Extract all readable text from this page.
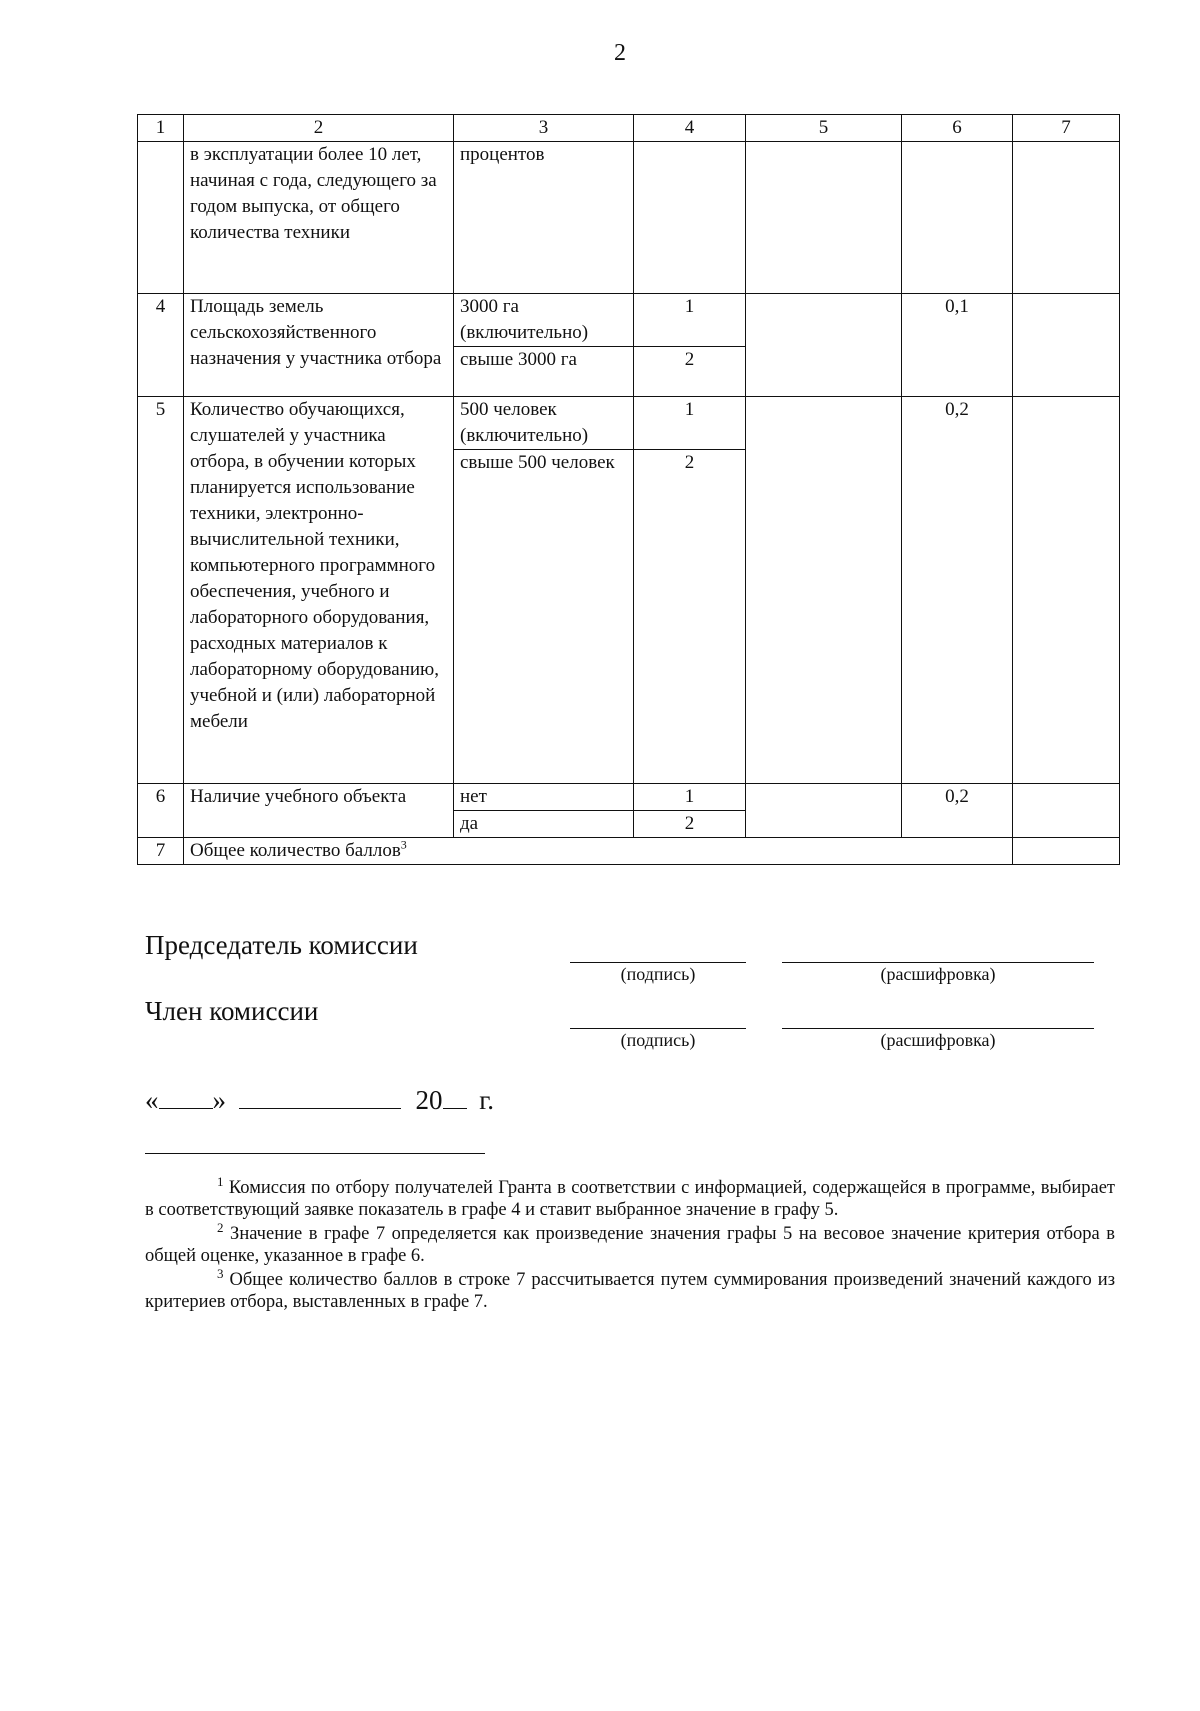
2
1	2	3	4	5	6	7
	в эксплуатации более 10 лет, начиная с года, следующего за годом выпуска, от общего количества техники	процентов				
4	Площадь земель сельскохозяйственного назначения у участника отбора	3000 га (включительно)	1		0,1	
		свыше 3000 га	2			
5	Количество обучающихся, слушателей у участника отбора, в обучении которых планируется использование техники, электронно-вычислительной техники, компьютерного программного обеспечения, учебного и лабораторного оборудования, расходных материалов к лабораторному оборудованию, учебной и (или) лабораторной мебели	500 человек (включительно)	1		0,2	
		свыше 500 человек	2			
6	Наличие учебного объекта	нет	1		0,2	
		да	2			
7	Общее количество баллов$^3$	
Председатель комиссии
(подпись)	(расшифровка)
Член комиссии
(подпись)	(расшифровка)
« »	20 г.

$^1$ Комиссия по отбору получателей Гранта в соответствии с информацией, содержащейся в программе, выбирает в соответствующий заявке показатель в графе 4 и ставит выбранное значение в графу 5.

$^2$ Значение в графе 7 определяется как произведение значения графы 5 на весовое значение критерия отбора в общей оценке, указанное в графе 6.

$^3$ Общее количество баллов в строке 7 рассчитывается путем суммирования произведений значений каждого из критериев отбора, выставленных в графе 7.
